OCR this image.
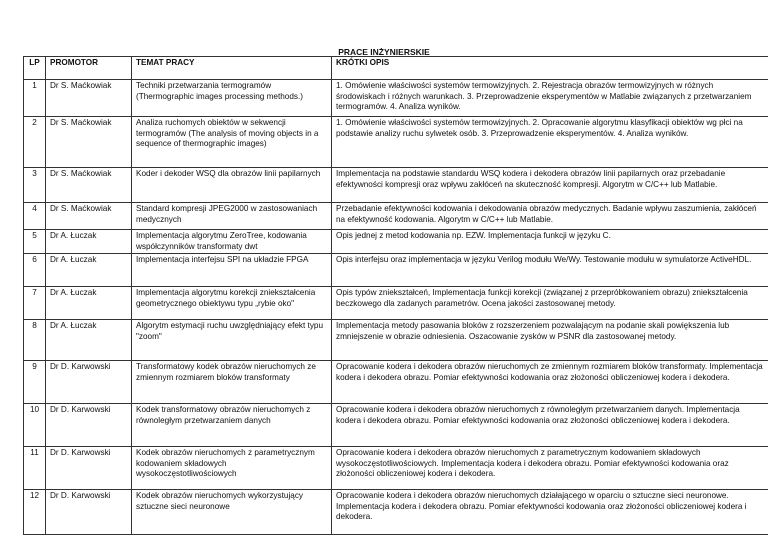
PRACE INŻYNIERSKIE
LP	PROMOTOR	TEMAT PRACY	KRÓTKI OPIS
1	Dr S. Maćkowiak	Techniki przetwarzania termogramów (Thermographic images processing methods.)	1. Omówienie właściwości systemów termowizyjnych. 2. Rejestracja obrazów termowizyjnych w różnych środowiskach i różnych warunkach. 3. Przeprowadzenie eksperymentów w Matlabie związanych z przetwarzaniem termogramów. 4. Analiza wyników.
2	Dr S. Maćkowiak	Analiza ruchomych obiektów w sekwencji termogramów (The analysis of moving objects in a sequence of thermographic images)	1. Omówienie właściwości systemów termowizyjnych. 2. Opracowanie algorytmu klasyfikacji obiektów wg płci na podstawie analizy ruchu sylwetek osób. 3. Przeprowadzenie eksperymentów. 4. Analiza wyników.
3	Dr S. Maćkowiak	Koder i dekoder WSQ dla obrazów linii papilarnych	Implementacja na podstawie standardu WSQ kodera i dekodera obrazów linii papilarnych oraz przebadanie efektywności kompresji oraz wpływu zakłóceń na skuteczność kompresji. Algorytm w C/C++ lub Matlabie.
4	Dr S. Maćkowiak	Standard kompresji JPEG2000 w zastosowaniach medycznych	Przebadanie efektywności kodowania i dekodowania obrazów medycznych. Badanie wpływu zaszumienia, zakłóceń na efektywność kodowania. Algorytm w C/C++ lub Matlabie.
5	Dr A. Łuczak	Implementacja algorytmu ZeroTree, kodowania współczynników transformaty dwt	Opis jednej z metod kodowania np. EZW. Implementacja funkcji w języku C.
6	Dr A. Łuczak	Implementacja interfejsu SPI na układzie FPGA	Opis interfejsu oraz implementacja w języku Verilog modułu We/Wy. Testowanie modułu w symulatorze ActiveHDL.
7	Dr A. Łuczak	Implementacja algorytmu korekcji zniekształcenia geometrycznego obiektywu typu „rybie oko"	Opis typów zniekształceń, Implementacja funkcji korekcji (związanej z przepróbkowaniem obrazu) zniekształcenia beczkowego dla zadanych parametrów. Ocena jakości zastosowanej metody.
8	Dr A. Łuczak	Algorytm estymacji ruchu uwzględniający efekt typu "zoom"	Implementacja metody pasowania bloków z rozszerzeniem pozwalającym na podanie skali powiększenia lub zmniejszenie w obrazie odniesienia. Oszacowanie zysków w PSNR dla zastosowanej metody.
9	Dr D. Karwowski	Transformatowy kodek obrazów nieruchomych ze zmiennym rozmiarem bloków transformaty	Opracowanie kodera i dekodera obrazów nieruchomych ze zmiennym rozmiarem bloków transformaty. Implementacja kodera i dekodera obrazu. Pomiar efektywności kodowania oraz złożoności obliczeniowej kodera i dekodera.
10	Dr D. Karwowski	Kodek transformatowy obrazów nieruchomych z równoległym przetwarzaniem danych	Opracowanie kodera i dekodera obrazów nieruchomych z równoległym przetwarzaniem danych. Implementacja kodera i dekodera obrazu. Pomiar efektywności kodowania oraz złożoności obliczeniowej kodera i dekodera.
11	Dr D. Karwowski	Kodek obrazów nieruchomych z parametrycznym kodowaniem składowych wysokoczęstotliwościowych	Opracowanie kodera i dekodera obrazów nieruchomych z parametrycznym kodowaniem składowych wysokoczęstotliwościowych. Implementacja kodera i dekodera obrazu. Pomiar efektywności kodowania oraz złożoności obliczeniowej kodera i dekodera.
12	Dr D. Karwowski	Kodek obrazów nieruchomych wykorzystujący sztuczne sieci neuronowe	Opracowanie kodera i dekodera obrazów nieruchomych działającego w oparciu o sztuczne sieci neuronowe. Implementacja kodera i dekodera obrazu. Pomiar efektywności kodowania oraz złożoności obliczeniowej kodera i dekodera.
